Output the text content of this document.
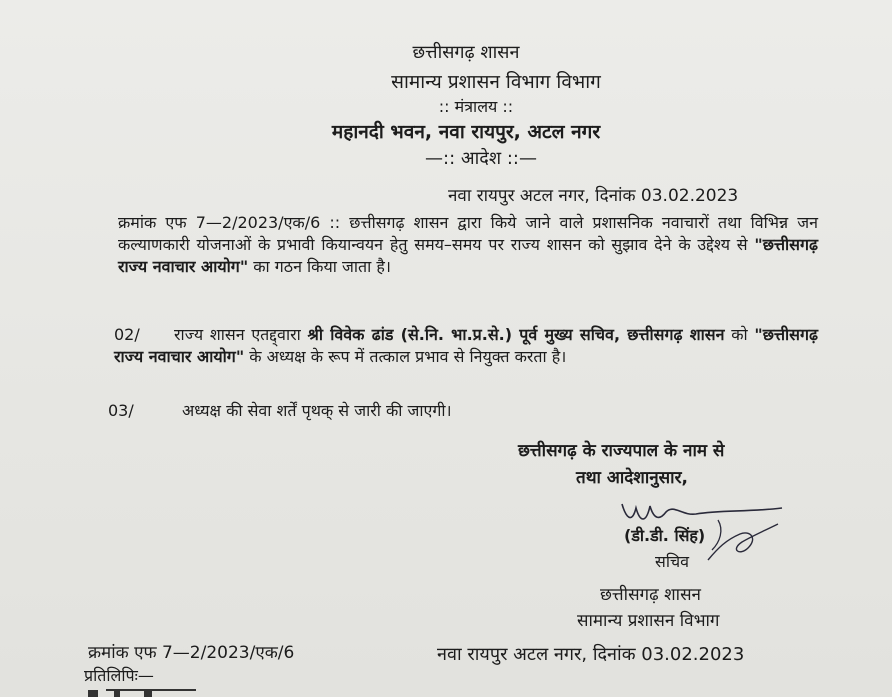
छत्तीसगढ़ शासन
सामान्य प्रशासन विभाग विभाग
:: मंत्रालय ::
महानदी भवन, नवा रायपुर, अटल नगर
—:: आदेश ::—
नवा रायपुर अटल नगर, दिनांक 03.02.2023
क्रमांक एफ 7—2/2023/एक/6 :: छत्तीसगढ़ शासन द्वारा किये जाने वाले प्रशासनिक नवाचारों तथा विभिन्न जन कल्याणकारी योजनाओं के प्रभावी कियान्वयन हेतु समय–समय पर राज्य शासन को सुझाव देने के उद्देश्य से "छत्तीसगढ़ राज्य नवाचार आयोग" का गठन किया जाता है।
02/ राज्य शासन एतद्द्वारा श्री विवेक ढांड (से.नि. भा.प्र.से.) पूर्व मुख्य सचिव, छत्तीसगढ़ शासन को "छत्तीसगढ़ राज्य नवाचार आयोग" के अध्यक्ष के रूप में तत्काल प्रभाव से नियुक्त करता है।
03/	अध्यक्ष की सेवा शर्तें पृथक् से जारी की जाएगी।
छत्तीसगढ़ के राज्यपाल के नाम से
तथा आदेशानुसार,
(डी.डी. सिंह)
सचिव
छत्तीसगढ़ शासन
सामान्य प्रशासन विभाग
क्रमांक एफ 7—2/2023/एक/6	नवा रायपुर अटल नगर, दिनांक 03.02.2023
प्रतिलिपिः—
